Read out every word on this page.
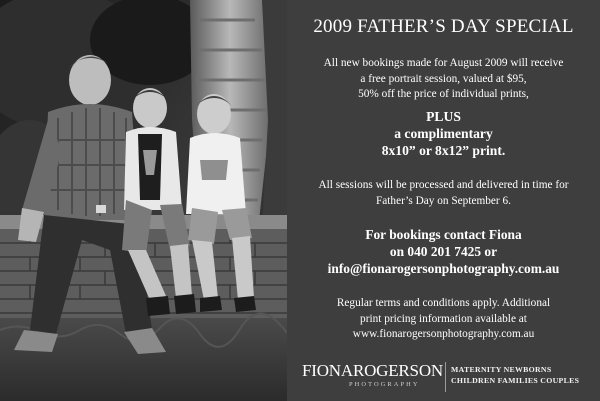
2009 FATHER’S DAY SPECIAL

All new bookings made for August 2009 will receive
a free portrait session, valued at $95,
50% off the price of individual prints,

PLUS
a complimentary
8x10” or 8x12” print.

All sessions will be processed and delivered in time for
Father’s Day on September 6.

For bookings contact Fiona
on 040 201 7425 or
info@fionarogersonphotography.com.au

Regular terms and conditions apply. Additional
print pricing information available at
www.fionarogersonphotography.com.au

FIONAROGERSON
PHOTOGRAPHY
MATERNITY NEWBORNS
CHILDREN FAMILIES COUPLES
